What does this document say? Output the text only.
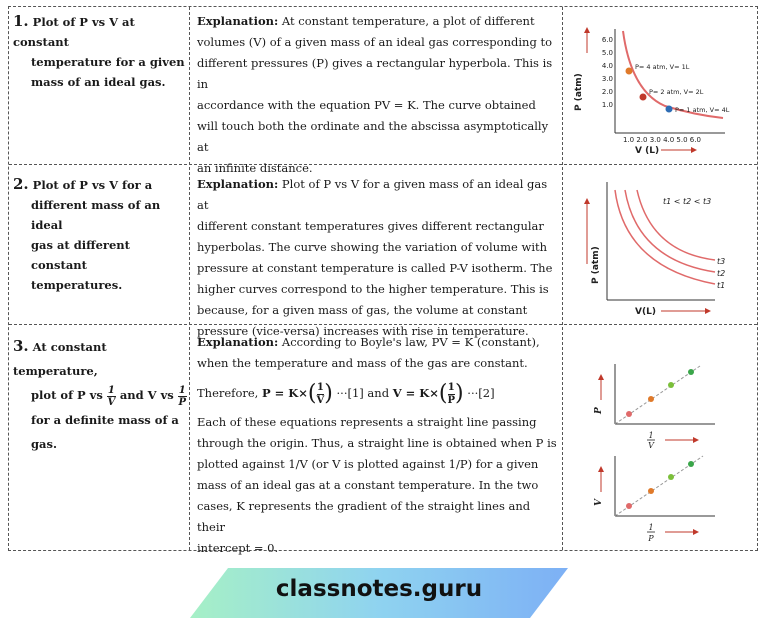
1. Plot of P vs V at constant
temperature for a given
mass of an ideal gas.
Explanation: At constant temperature, a plot of different
volumes (V) of a given mass of an ideal gas corresponding to
different pressures (P) gives a rectangular hyperbola. This is in
accordance with the equation PV = K. The curve obtained
will touch both the ordinate and the abscissa asymptotically at
an infinite distance.
6.0
5.0
4.0
3.0
2.0
1.0
1.0 2.0 3.0 4.0 5.0 6.0
P (atm)
V (L)
P= 4 atm, V= 1L
P= 2 atm, V= 2L
P= 1 atm, V= 4L
2. Plot of P vs V for a
different mass of an ideal
gas at different constant
temperatures.
Explanation: Plot of P vs V for a given mass of an ideal gas at
different constant temperatures gives different rectangular
hyperbolas. The curve showing the variation of volume with
pressure at constant temperature is called P-V isotherm. The
higher curves correspond to the higher temperature. This is
because, for a given mass of gas, the volume at constant
pressure (vice-versa) increases with rise in temperature.
P (atm)
V(L)
t1 < t2 < t3
t3
t2
t1
3. At constant temperature,
plot of P vs $\frac{1}{V}$ and V vs $\frac{1}{P}$
for a definite mass of a
gas.
Explanation: According to Boyle's law, PV = K (constant),
when the temperature and mass of the gas are constant.
Therefore, $P = K\times( \frac{1}{V}$ ) ···[1] and $V = K\times( \frac{1}{P}$ ) ···[2]
Each of these equations represents a straight line passing
through the origin. Thus, a straight line is obtained when P is
plotted against 1/V (or V is plotted against 1/P) for a given
mass of an ideal gas at a constant temperature. In the two
cases, K represents the gradient of the straight lines and their
intercept = 0.
P
1
V
V
1
P
classnotes.guru
